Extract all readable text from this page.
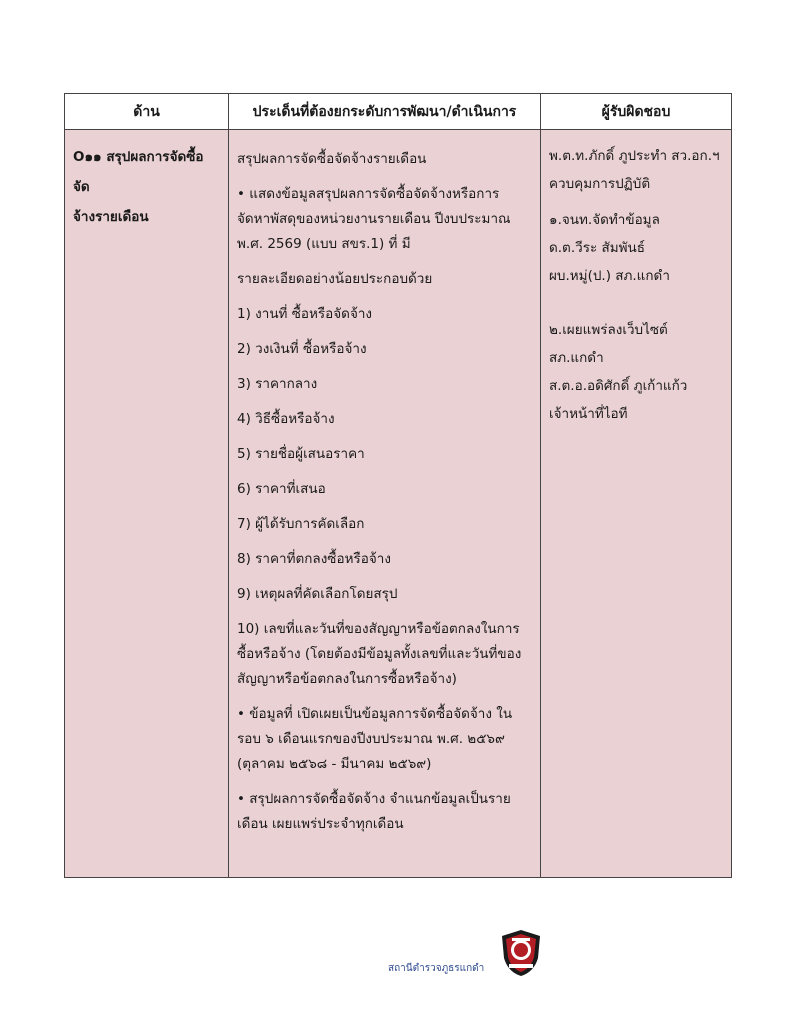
ด้าน	ประเด็นที่ต้องยกระดับการพัฒนา/ดำเนินการ	ผู้รับผิดชอบ
O๑๑ สรุปผลการจัดซื้อจัด
จ้างรายเดือน

สรุปผลการจัดซื้อจัดจ้างรายเดือน

• แสดงข้อมูลสรุปผลการจัดซื้อจัดจ้างหรือการจัดหาพัสดุของหน่วยงานรายเดือน ปีงบประมาณ พ.ศ. 2569 (แบบ สขร.1) ที่ มี

รายละเอียดอย่างน้อยประกอบด้วย

1) งานที่ ซื้อหรือจัดจ้าง

2) วงเงินที่ ซื้อหรือจ้าง

3) ราคากลาง

4) วิธีซื้อหรือจ้าง

5) รายชื่อผู้เสนอราคา

6) ราคาที่เสนอ

7) ผู้ได้รับการคัดเลือก

8) ราคาที่ตกลงซื้อหรือจ้าง

9) เหตุผลที่คัดเลือกโดยสรุป

10) เลขที่และวันที่ของสัญญาหรือข้อตกลงในการซื้อหรือจ้าง (โดยต้องมีข้อมูลทั้งเลขที่และวันที่ของสัญญาหรือข้อตกลงในการซื้อหรือจ้าง)

• ข้อมูลที่ เปิดเผยเป็นข้อมูลการจัดซื้อจัดจ้าง ในรอบ ๖ เดือนแรกของปีงบประมาณ พ.ศ. ๒๕๖๙ (ตุลาคม ๒๕๖๘ - มีนาคม ๒๕๖๙)

• สรุปผลการจัดซื้อจัดจ้าง จำแนกข้อมูลเป็นรายเดือน เผยแพร่ประจำทุกเดือน

พ.ต.ท.ภักดิ์ ภูประทำ สว.อก.ฯ
ควบคุมการปฏิบัติ
๑.จนท.จัดทำข้อมูล
ด.ต.วีระ สัมพันธ์
ผบ.หมู่(ป.) สภ.แกดำ
๒.เผยแพร่ลงเว็บไซต์ สภ.แกดำ
ส.ต.อ.อดิศักดิ์ ภูเก้าแก้ว
เจ้าหน้าที่ไอที
สถานีตำรวจภูธรแกดำ
